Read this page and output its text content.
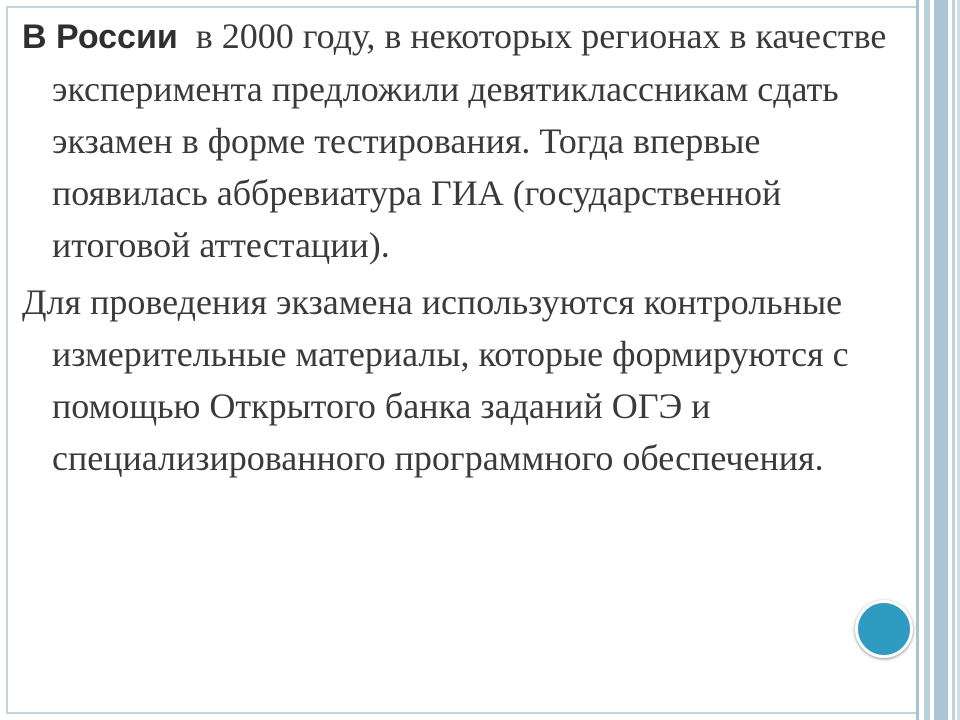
В России в 2000 году, в некоторых регионах в качестве эксперимента предложили девятиклассникам сдать экзамен в форме тестирования. Тогда впервые появилась аббревиатура ГИА (государственной итоговой аттестации).

Для проведения экзамена используются контрольные измерительные материалы, которые формируются с помощью Открытого банка заданий ОГЭ и специализированного программного обеспечения.
